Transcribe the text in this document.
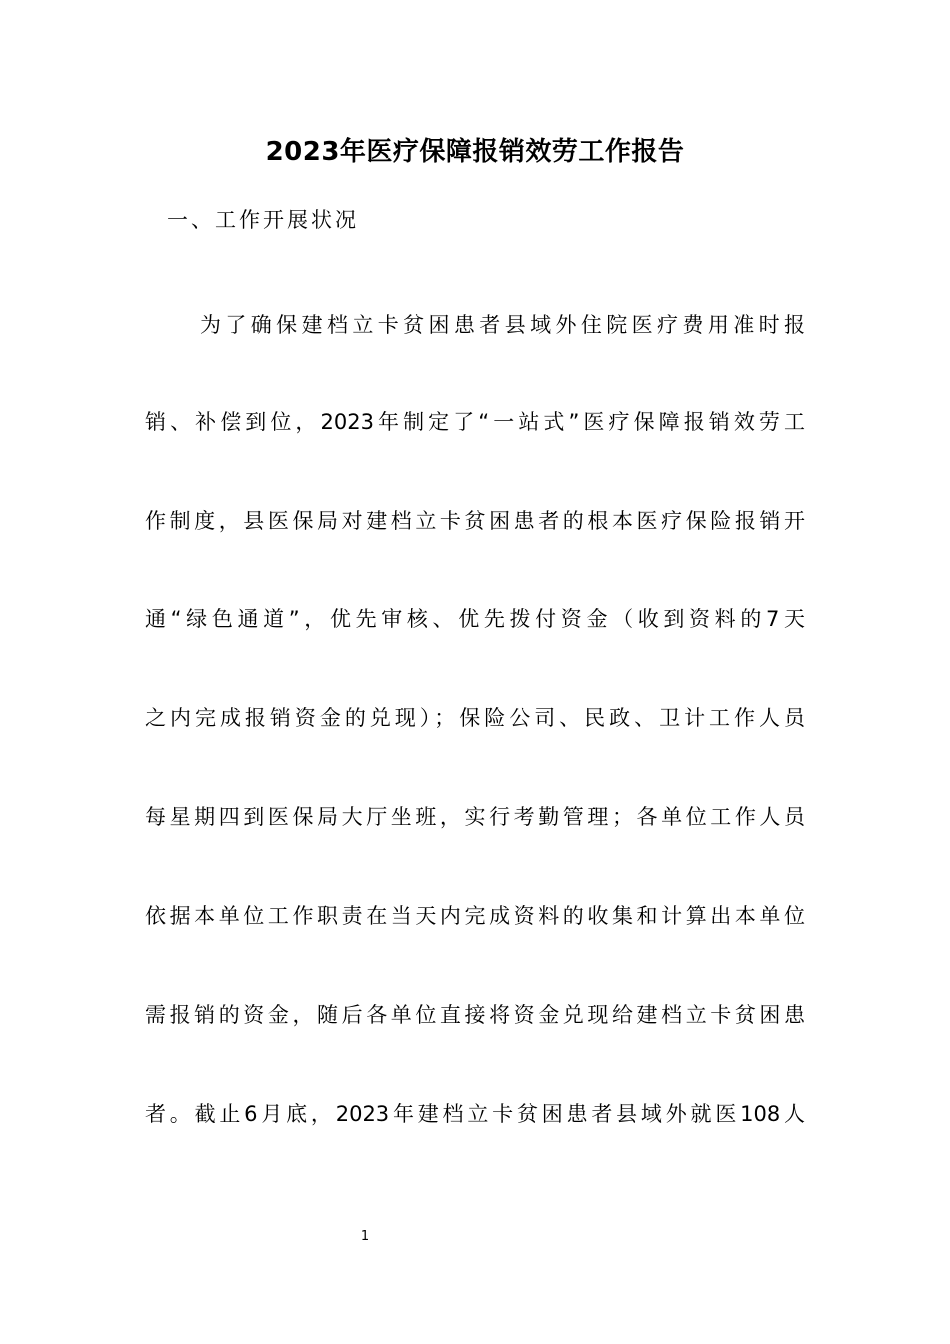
2023年医疗保障报销效劳工作报告
一、工作开展状况
为了确保建档立卡贫困患者县域外住院医疗费用准时报
销、补偿到位，2023年制定了“一站式”医疗保障报销效劳工
作制度，县医保局对建档立卡贫困患者的根本医疗保险报销开
通“绿色通道”，优先审核、优先拨付资金（收到资料的7天
之内完成报销资金的兑现）；保险公司、民政、卫计工作人员
每星期四到医保局大厅坐班，实行考勤管理；各单位工作人员
依据本单位工作职责在当天内完成资料的收集和计算出本单位
需报销的资金，随后各单位直接将资金兑现给建档立卡贫困患
者。截止6月底，2023年建档立卡贫困患者县域外就医108人
1
